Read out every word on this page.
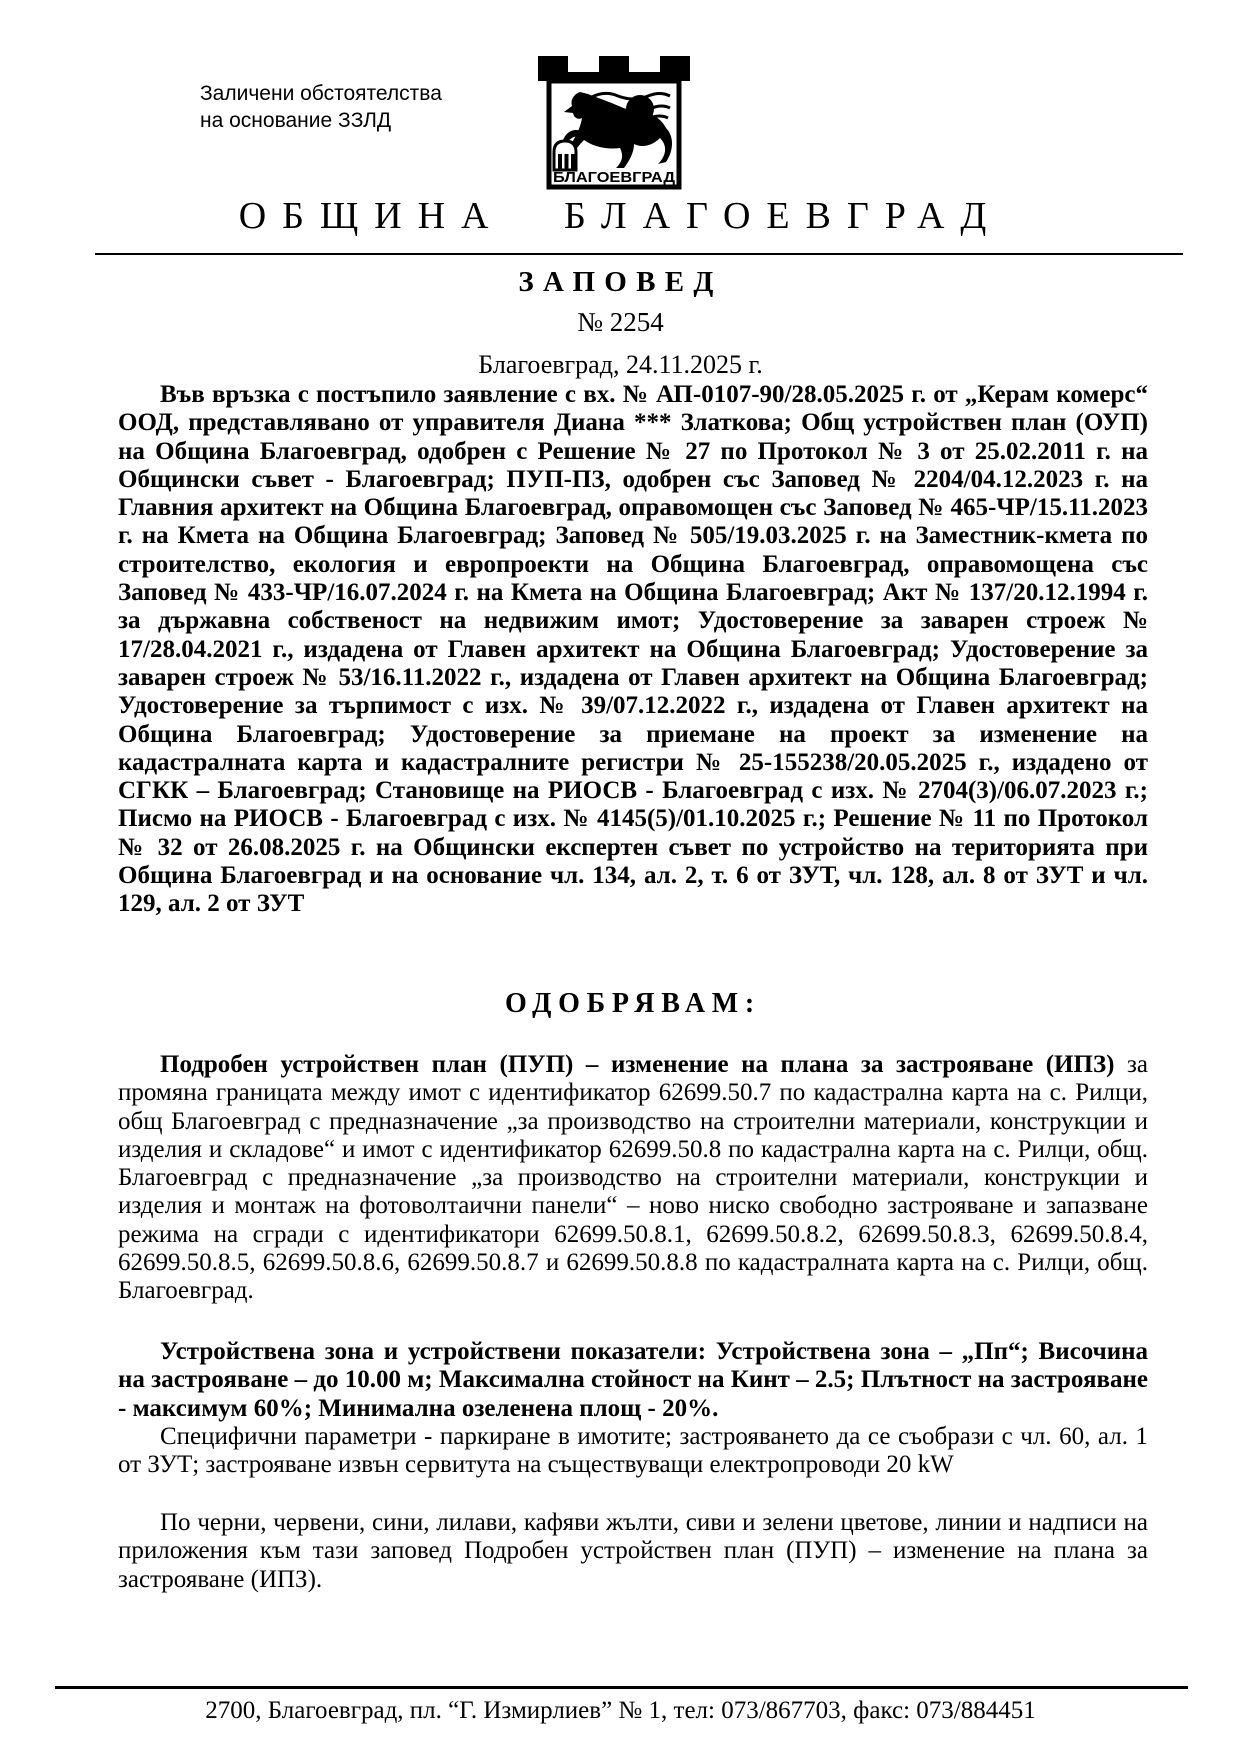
Заличени обстоятелства
на основание ЗЗЛД
БЛАГОЕВГРАД
ОБЩИНА БЛАГОЕВГРАД
ЗАПОВЕД
№ 2254
Благоевград, 24.11.2025 г.

Във връзка с постъпило заявление с вх. № АП-0107-90/28.05.2025 г. от „Керам комерс“ ООД, представлявано от управителя Диана *** Златкова; Общ устройствен план (ОУП) на Община Благоевград, одобрен с Решение № 27 по Протокол № 3 от 25.02.2011 г. на Общински съвет - Благоевград; ПУП-ПЗ, одобрен със Заповед № 2204/04.12.2023 г. на Главния архитект на Община Благоевград, оправомощен със Заповед № 465-ЧР/15.11.2023 г. на Кмета на Община Благоевград; Заповед № 505/19.03.2025 г. на Заместник-кмета по строителство, екология и европроекти на Община Благоевград, оправомощена със Заповед № 433-ЧР/16.07.2024 г. на Кмета на Община Благоевград; Акт № 137/20.12.1994 г. за държавна собственост на недвижим имот; Удостоверение за заварен строеж № 17/28.04.2021 г., издадена от Главен архитект на Община Благоевград; Удостоверение за заварен строеж № 53/16.11.2022 г., издадена от Главен архитект на Община Благоевград; Удостоверение за търпимост с изх. № 39/07.12.2022 г., издадена от Главен архитект на Община Благоевград; Удостоверение за приемане на проект за изменение на кадастралната карта и кадастралните регистри № 25-155238/20.05.2025 г., издадено от СГКК – Благоевград; Становище на РИОСВ - Благоевград с изх. № 2704(3)/06.07.2023 г.; Писмо на РИОСВ - Благоевград с изх. № 4145(5)/01.10.2025 г.; Решение № 11 по Протокол № 32 от 26.08.2025 г. на Общински експертен съвет по устройство на територията при Община Благоевград и на основание чл. 134, ал. 2, т. 6 от ЗУТ, чл. 128, ал. 8 от ЗУТ и чл. 129, ал. 2 от ЗУТ

ОДОБРЯВАМ:

Подробен устройствен план (ПУП) – изменение на плана за застрояване (ИПЗ) за промяна границата между имот с идентификатор 62699.50.7 по кадастрална карта на с. Рилци, общ Благоевград с предназначение „за производство на строителни материали, конструкции и изделия и складове“ и имот с идентификатор 62699.50.8 по кадастрална карта на с. Рилци, общ. Благоевград с предназначение „за производство на строителни материали, конструкции и изделия и монтаж на фотоволтаични панели“ – ново ниско свободно застрояване и запазване режима на сгради с идентификатори 62699.50.8.1, 62699.50.8.2, 62699.50.8.3, 62699.50.8.4, 62699.50.8.5, 62699.50.8.6, 62699.50.8.7 и 62699.50.8.8 по кадастралната карта на с. Рилци, общ. Благоевград.

Устройствена зона и устройствени показатели: Устройствена зона – „Пп“; Височина на застрояване – до 10.00 м; Максимална стойност на Кинт – 2.5; Плътност на застрояване - максимум 60%; Минимална озеленена площ - 20%.

Специфични параметри - паркиране в имотите; застрояването да се съобрази с чл. 60, ал. 1 от ЗУТ; застрояване извън сервитута на съществуващи електропроводи 20 kW

По черни, червени, сини, лилави, кафяви жълти, сиви и зелени цветове, линии и надписи на приложения към тази заповед Подробен устройствен план (ПУП) – изменение на плана за застрояване (ИПЗ).

2700, Благоевград, пл. “Г. Измирлиев” № 1, тел: 073/867703, факс: 073/884451
